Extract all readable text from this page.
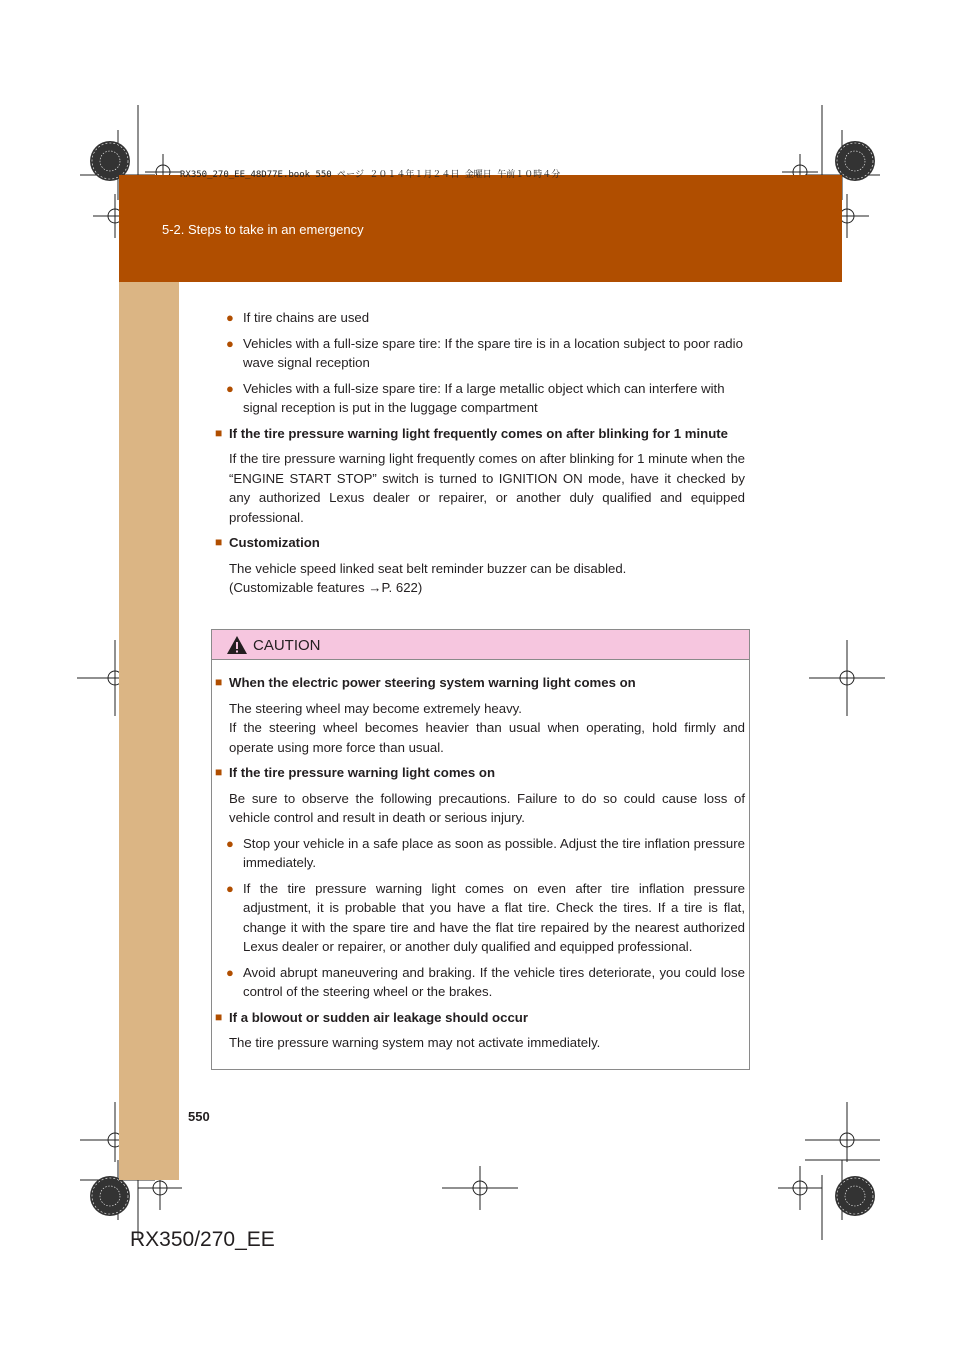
5-2. Steps to take in an emergency
RX350_270_EE_48D77E.book 550 ページ ２０１４年１月２４日 金曜日 午前１０時４分
● If tire chains are used
● Vehicles with a full-size spare tire: If the spare tire is in a location subject to poor radio wave signal reception
● Vehicles with a full-size spare tire: If a large metallic object which can interfere with signal reception is put in the luggage compartment
■ If the tire pressure warning light frequently comes on after blinking for 1 minute
If the tire pressure warning light frequently comes on after blinking for 1 minute when the “ENGINE START STOP” switch is turned to IGNITION ON mode, have it checked by any authorized Lexus dealer or repairer, or another duly qualified and equipped professional.
■ Customization
The vehicle speed linked seat belt reminder buzzer can be disabled.
(Customizable features →P. 622)
CAUTION
■ When the electric power steering system warning light comes on
The steering wheel may become extremely heavy.
If the steering wheel becomes heavier than usual when operating, hold firmly and operate using more force than usual.
■ If the tire pressure warning light comes on
Be sure to observe the following precautions. Failure to do so could cause loss of vehicle control and result in death or serious injury.
● Stop your vehicle in a safe place as soon as possible. Adjust the tire inflation pressure immediately.
● If the tire pressure warning light comes on even after tire inflation pressure adjustment, it is probable that you have a flat tire. Check the tires. If a tire is flat, change it with the spare tire and have the flat tire repaired by the nearest authorized Lexus dealer or repairer, or another duly qualified and equipped professional.
● Avoid abrupt maneuvering and braking. If the vehicle tires deteriorate, you could lose control of the steering wheel or the brakes.
■ If a blowout or sudden air leakage should occur
The tire pressure warning system may not activate immediately.
550
RX350/270_EE
